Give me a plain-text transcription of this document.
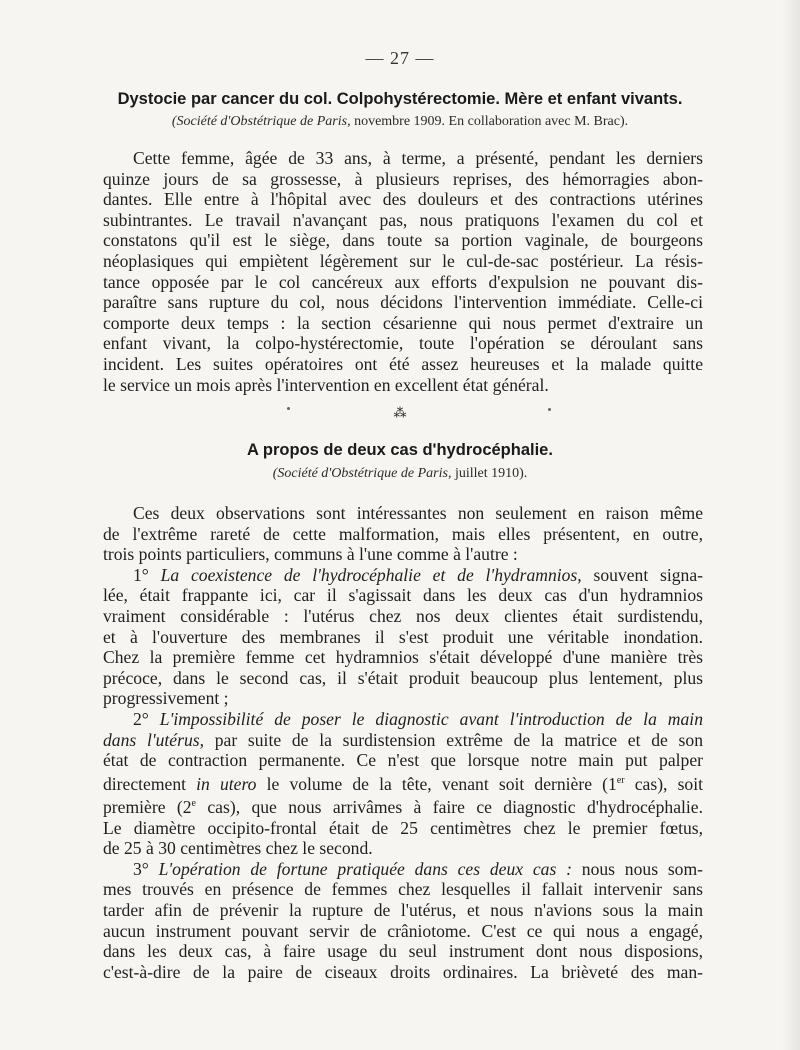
— 27 —
Dystocie par cancer du col. Colpohystérectomie. Mère et enfant vivants.
(Société d'Obstétrique de Paris, novembre 1909. En collaboration avec M. Brac).
Cette femme, âgée de 33 ans, à terme, a présenté, pendant les derniers
quinze jours de sa grossesse, à plusieurs reprises, des hémorragies abon-
dantes. Elle entre à l'hôpital avec des douleurs et des contractions utérines
subintrantes. Le travail n'avançant pas, nous pratiquons l'examen du col et
constatons qu'il est le siège, dans toute sa portion vaginale, de bourgeons
néoplasiques qui empiètent légèrement sur le cul-de-sac postérieur. La résis-
tance opposée par le col cancéreux aux efforts d'expulsion ne pouvant dis-
paraître sans rupture du col, nous décidons l'intervention immédiate. Celle-ci
comporte deux temps : la section césarienne qui nous permet d'extraire un
enfant vivant, la colpo-hystérectomie, toute l'opération se déroulant sans
incident. Les suites opératoires ont été assez heureuses et la malade quitte
le service un mois après l'intervention en excellent état général.
⁂
A propos de deux cas d'hydrocéphalie.
(Société d'Obstétrique de Paris, juillet 1910).
Ces deux observations sont intéressantes non seulement en raison même
de l'extrême rareté de cette malformation, mais elles présentent, en outre,
trois points particuliers, communs à l'une comme à l'autre :
1° La coexistence de l'hydrocéphalie et de l'hydramnios, souvent signa-
lée, était frappante ici, car il s'agissait dans les deux cas d'un hydramnios
vraiment considérable : l'utérus chez nos deux clientes était surdistendu,
et à l'ouverture des membranes il s'est produit une véritable inondation.
Chez la première femme cet hydramnios s'était développé d'une manière très
précoce, dans le second cas, il s'était produit beaucoup plus lentement, plus
progressivement ;
2° L'impossibilité de poser le diagnostic avant l'introduction de la main
dans l'utérus, par suite de la surdistension extrême de la matrice et de son
état de contraction permanente. Ce n'est que lorsque notre main put palper
directement in utero le volume de la tête, venant soit dernière (1er cas), soit
première (2e cas), que nous arrivâmes à faire ce diagnostic d'hydrocéphalie.
Le diamètre occipito-frontal était de 25 centimètres chez le premier fœtus,
de 25 à 30 centimètres chez le second.
3° L'opération de fortune pratiquée dans ces deux cas : nous nous som-
mes trouvés en présence de femmes chez lesquelles il fallait intervenir sans
tarder afin de prévenir la rupture de l'utérus, et nous n'avions sous la main
aucun instrument pouvant servir de crâniotome. C'est ce qui nous a engagé,
dans les deux cas, à faire usage du seul instrument dont nous disposions,
c'est-à-dire de la paire de ciseaux droits ordinaires. La brièveté des man-
